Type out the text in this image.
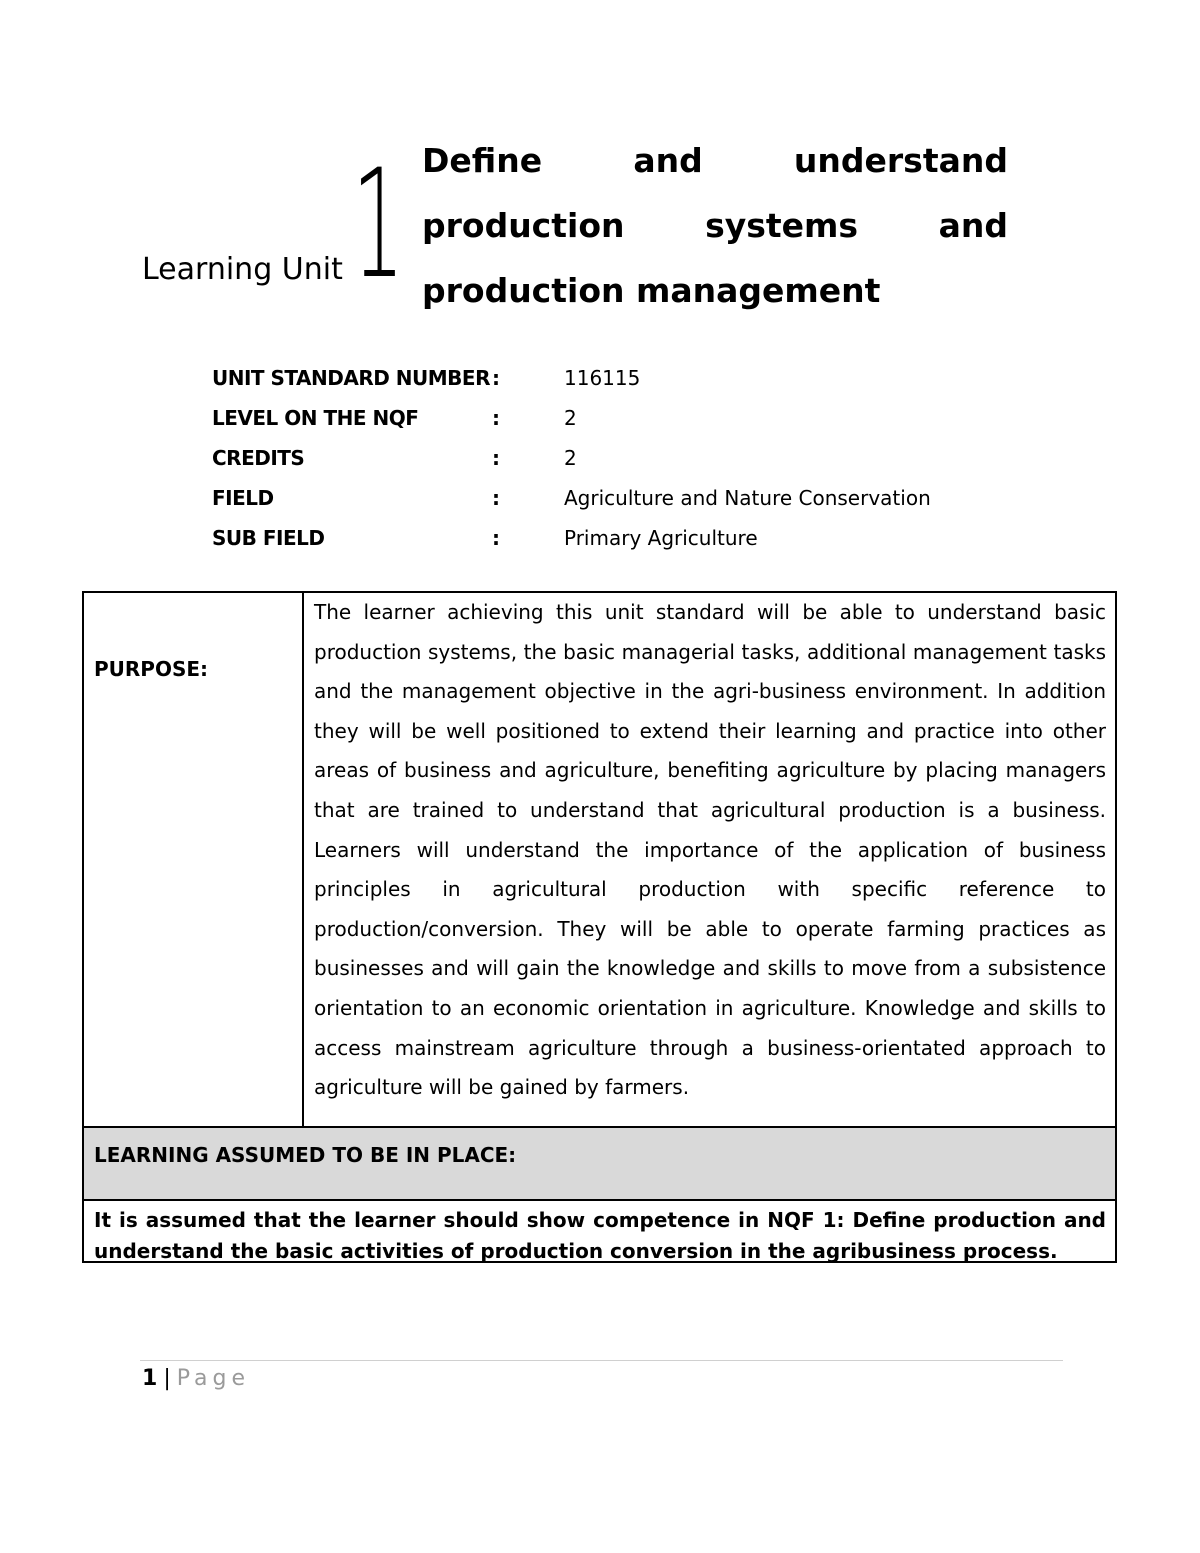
Learning Unit 1 Define and understand production systems and production management
UNIT STANDARD NUMBER	:	116115
LEVEL ON THE NQF	:	2
CREDITS	:	2
FIELD	:	Agriculture and Nature Conservation
SUB FIELD	:	Primary Agriculture
PURPOSE:
The learner achieving this unit standard will be able to understand basic production systems, the basic managerial tasks, additional management tasks and the management objective in the agri-business environment. In addition they will be well positioned to extend their learning and practice into other areas of business and agriculture, benefiting agriculture by placing managers that are trained to understand that agricultural production is a business. Learners will understand the importance of the application of business principles in agricultural production with specific reference to production/conversion. They will be able to operate farming practices as businesses and will gain the knowledge and skills to move from a subsistence orientation to an economic orientation in agriculture. Knowledge and skills to access mainstream agriculture through a business-orientated approach to agriculture will be gained by farmers.
LEARNING ASSUMED TO BE IN PLACE:
It is assumed that the learner should show competence in NQF 1: Define production and understand the basic activities of production conversion in the agribusiness process.
1 | Page
